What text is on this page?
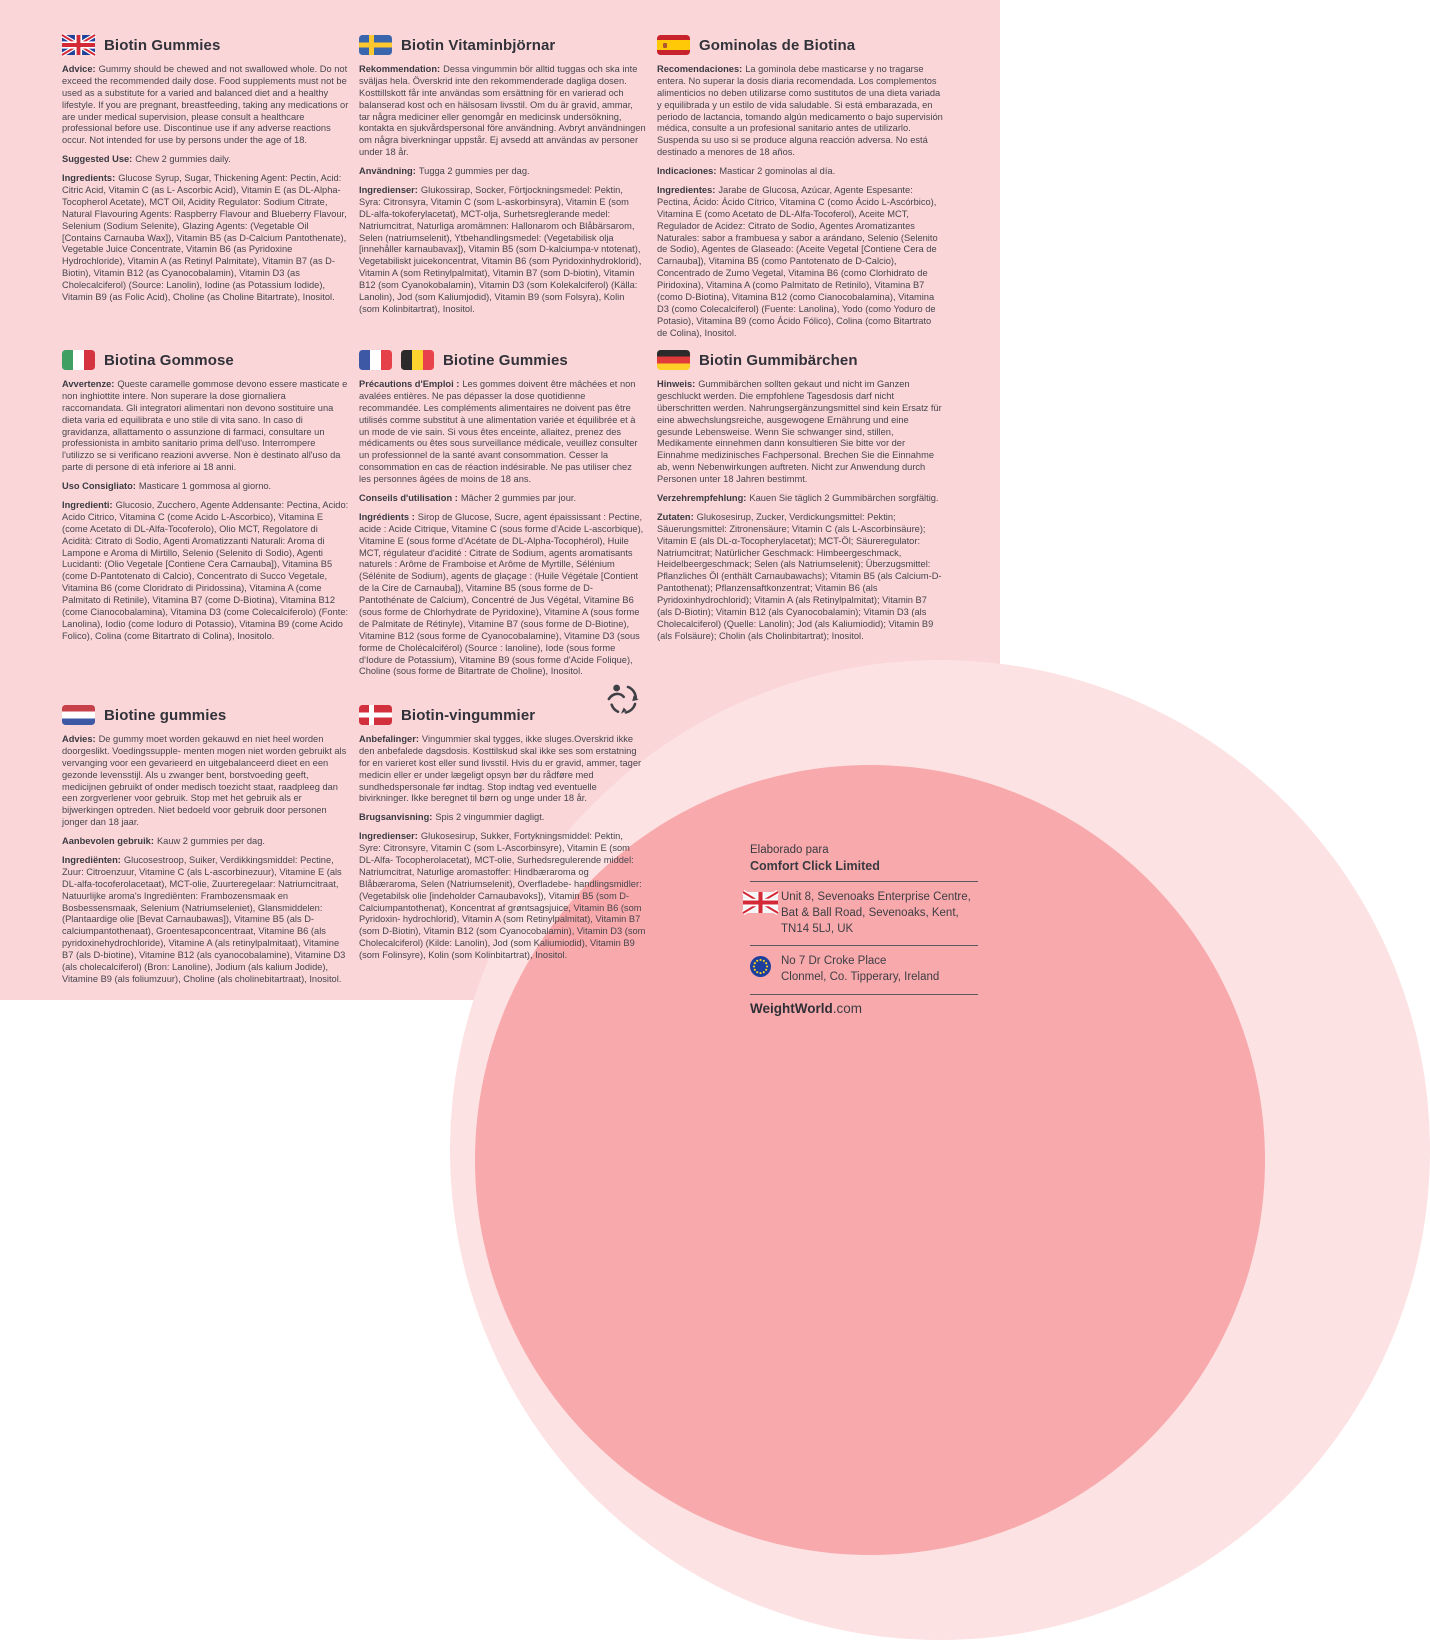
Biotin Gummies

Advice: Gummy should be chewed and not swallowed whole. Do not exceed the recommended daily dose. Food supplements must not be used as a substitute for a varied and balanced diet and a healthy lifestyle. If you are pregnant, breastfeeding, taking any medications or are under medical supervision, please consult a healthcare professional before use. Discontinue use if any adverse reactions occur. Not intended for use by persons under the age of 18.

Suggested Use: Chew 2 gummies daily.

Ingredients: Glucose Syrup, Sugar, Thickening Agent: Pectin, Acid: Citric Acid, Vitamin C (as L- Ascorbic Acid), Vitamin E (as DL-Alpha-Tocopherol Acetate), MCT Oil, Acidity Regulator: Sodium Citrate, Natural Flavouring Agents: Raspberry Flavour and Blueberry Flavour, Selenium (Sodium Selenite), Glazing Agents: (Vegetable Oil [Contains Carnauba Wax]), Vitamin B5 (as D-Calcium Pantothenate), Vegetable Juice Concentrate, Vitamin B6 (as Pyridoxine Hydrochloride), Vitamin A (as Retinyl Palmitate), Vitamin B7 (as D-Biotin), Vitamin B12 (as Cyanocobalamin), Vitamin D3 (as Cholecalciferol) (Source: Lanolin), Iodine (as Potassium Iodide), Vitamin B9 (as Folic Acid), Choline (as Choline Bitartrate), Inositol.

Biotin Vitaminbjörnar

Rekommendation: Dessa vingummin bör alltid tuggas och ska inte sväljas hela. Överskrid inte den rekommenderade dagliga dosen. Kosttillskott får inte användas som ersättning för en varierad och balanserad kost och en hälsosam livsstil. Om du är gravid, ammar, tar några mediciner eller genomgår en medicinsk undersökning, kontakta en sjukvårdspersonal före användning. Avbryt användningen om några biverkningar uppstår. Ej avsedd att användas av personer under 18 år.

Användning: Tugga 2 gummies per dag.

Ingredienser: Glukossirap, Socker, Förtjockningsmedel: Pektin, Syra: Citronsyra, Vitamin C (som L-askorbinsyra), Vitamin E (som DL-alfa-tokoferylacetat), MCT-olja, Surhetsreglerande medel: Natriumcitrat, Naturliga aromämnen: Hallonarom och Blåbärsarom, Selen (natriumselenit), Ytbehandlingsmedel: (Vegetabilisk olja [innehåller karnaubavax]), Vitamin B5 (som D-kalciumpa-v ntotenat), Vegetabiliskt juicekoncentrat, Vitamin B6 (som Pyridoxinhydroklorid), Vitamin A (som Retinylpalmitat), Vitamin B7 (som D-biotin), Vitamin B12 (som Cyanokobalamin), Vitamin D3 (som Kolekalciferol) (Källa: Lanolin), Jod (som Kaliumjodid), Vitamin B9 (som Folsyra), Kolin (som Kolinbitartrat), Inositol.

Gominolas de Biotina

Recomendaciones: La gominola debe masticarse y no tragarse entera. No superar la dosis diaria recomendada. Los complementos alimenticios no deben utilizarse como sustitutos de una dieta variada y equilibrada y un estilo de vida saludable. Si está embarazada, en periodo de lactancia, tomando algún medicamento o bajo supervisión médica, consulte a un profesional sanitario antes de utilizarlo. Suspenda su uso si se produce alguna reacción adversa. No está destinado a menores de 18 años.

Indicaciones: Masticar 2 gominolas al día.

Ingredientes: Jarabe de Glucosa, Azúcar, Agente Espesante: Pectina, Ácido: Ácido Cítrico, Vitamina C (como Ácido L-Ascórbico), Vitamina E (como Acetato de DL-Alfa-Tocoferol), Aceite MCT, Regulador de Acidez: Citrato de Sodio, Agentes Aromatizantes Naturales: sabor a frambuesa y sabor a arándano, Selenio (Selenito de Sodio), Agentes de Glaseado: (Aceite Vegetal [Contiene Cera de Carnauba]), Vitamina B5 (como Pantotenato de D-Calcio), Concentrado de Zumo Vegetal, Vitamina B6 (como Clorhidrato de Piridoxina), Vitamina A (como Palmitato de Retinilo), Vitamina B7 (como D-Biotina), Vitamina B12 (como Cianocobalamina), Vitamina D3 (como Colecalciferol) (Fuente: Lanolina), Yodo (como Yoduro de Potasio), Vitamina B9 (como Ácido Fólico), Colina (como Bitartrato de Colina), Inositol.

Biotina Gommose

Avvertenze: Queste caramelle gommose devono essere masticate e non inghiottite intere. Non superare la dose giornaliera raccomandata. Gli integratori alimentari non devono sostituire una dieta varia ed equilibrata e uno stile di vita sano. In caso di gravidanza, allattamento o assunzione di farmaci, consultare un professionista in ambito sanitario prima dell'uso. Interrompere l'utilizzo se si verificano reazioni avverse. Non è destinato all'uso da parte di persone di età inferiore ai 18 anni.

Uso Consigliato: Masticare 1 gommosa al giorno.

Ingredienti: Glucosio, Zucchero, Agente Addensante: Pectina, Acido: Acido Citrico, Vitamina C (come Acido L-Ascorbico), Vitamina E (come Acetato di DL-Alfa-Tocoferolo), Olio MCT, Regolatore di Acidità: Citrato di Sodio, Agenti Aromatizzanti Naturali: Aroma di Lampone e Aroma di Mirtillo, Selenio (Selenito di Sodio), Agenti Lucidanti: (Olio Vegetale [Contiene Cera Carnauba]), Vitamina B5 (come D-Pantotenato di Calcio), Concentrato di Succo Vegetale, Vitamina B6 (come Cloridrato di Piridossina), Vitamina A (come Palmitato di Retinile), Vitamina B7 (come D-Biotina), Vitamina B12 (come Cianocobalamina), Vitamina D3 (come Colecalciferolo) (Fonte: Lanolina), Iodio (come Ioduro di Potassio), Vitamina B9 (come Acido Folico), Colina (come Bitartrato di Colina), Inositolo.

Biotine Gummies

Précautions d'Emploi : Les gommes doivent être mâchées et non avalées entières. Ne pas dépasser la dose quotidienne recommandée. Les compléments alimentaires ne doivent pas être utilisés comme substitut à une alimentation variée et équilibrée et à un mode de vie sain. Si vous êtes enceinte, allaitez, prenez des médicaments ou êtes sous surveillance médicale, veuillez consulter un professionnel de la santé avant consommation. Cesser la consommation en cas de réaction indésirable. Ne pas utiliser chez les personnes âgées de moins de 18 ans.

Conseils d'utilisation : Mâcher 2 gummies par jour.

Ingrédients : Sirop de Glucose, Sucre, agent épaississant : Pectine, acide : Acide Citrique, Vitamine C (sous forme d'Acide L-ascorbique), Vitamine E (sous forme d'Acétate de DL-Alpha-Tocophérol), Huile MCT, régulateur d'acidité : Citrate de Sodium, agents aromatisants naturels : Arôme de Framboise et Arôme de Myrtille, Sélénium (Sélénite de Sodium), agents de glaçage : (Huile Végétale [Contient de la Cire de Carnauba]), Vitamine B5 (sous forme de D-Pantothénate de Calcium), Concentré de Jus Végétal, Vitamine B6 (sous forme de Chlorhydrate de Pyridoxine), Vitamine A (sous forme de Palmitate de Rétinyle), Vitamine B7 (sous forme de D-Biotine), Vitamine B12 (sous forme de Cyanocobalamine), Vitamine D3 (sous forme de Cholécalciférol) (Source : lanoline), Iode (sous forme d'Iodure de Potassium), Vitamine B9 (sous forme d'Acide Folique), Choline (sous forme de Bitartrate de Choline), Inositol.

Biotin Gummibärchen

Hinweis: Gummibärchen sollten gekaut und nicht im Ganzen geschluckt werden. Die empfohlene Tagesdosis darf nicht überschritten werden. Nahrungsergänzungsmittel sind kein Ersatz für eine abwechslungsreiche, ausgewogene Ernährung und eine gesunde Lebensweise. Wenn Sie schwanger sind, stillen, Medikamente einnehmen dann konsultieren Sie bitte vor der Einnahme medizinisches Fachpersonal. Brechen Sie die Einnahme ab, wenn Nebenwirkungen auftreten. Nicht zur Anwendung durch Personen unter 18 Jahren bestimmt.

Verzehrempfehlung: Kauen Sie täglich 2 Gummibärchen sorgfältig.

Zutaten: Glukosesirup, Zucker, Verdickungsmittel: Pektin; Säuerungsmittel: Zitronensäure; Vitamin C (als L-Ascorbinsäure); Vitamin E (als DL-α-Tocopherylacetat); MCT-Öl; Säureregulator: Natriumcitrat; Natürlicher Geschmack: Himbeergeschmack, Heidelbeergeschmack; Selen (als Natriumselenit); Überzugsmittel: Pflanzliches Öl (enthält Carnaubawachs); Vitamin B5 (als Calcium-D-Pantothenat); Pflanzensaftkonzentrat; Vitamin B6 (als Pyridoxinhydrochlorid); Vitamin A (als Retinylpalmitat); Vitamin B7 (als D-Biotin); Vitamin B12 (als Cyanocobalamin); Vitamin D3 (als Cholecalciferol) (Quelle: Lanolin); Jod (als Kaliumiodid); Vitamin B9 (als Folsäure); Cholin (als Cholinbitartrat); Inositol.

Biotine gummies

Advies: De gummy moet worden gekauwd en niet heel worden doorgeslikt. Voedingssupple- menten mogen niet worden gebruikt als vervanging voor een gevarieerd en uitgebalanceerd dieet en een gezonde levensstijl. Als u zwanger bent, borstvoeding geeft, medicijnen gebruikt of onder medisch toezicht staat, raadpleeg dan een zorgverlener voor gebruik. Stop met het gebruik als er bijwerkingen optreden. Niet bedoeld voor gebruik door personen jonger dan 18 jaar.

Aanbevolen gebruik: Kauw 2 gummies per dag.

Ingrediënten: Glucosestroop, Suiker, Verdikkingsmiddel: Pectine, Zuur: Citroenzuur, Vitamine C (als L-ascorbinezuur), Vitamine E (als DL-alfa-tocoferolacetaat), MCT-olie, Zuurteregelaar: Natriumcitraat, Natuurlijke aroma's Ingrediënten: Frambozensmaak en Bosbessensmaak, Selenium (Natriumseleniet), Glansmiddelen: (Plantaardige olie [Bevat Carnaubawas]), Vitamine B5 (als D-calciumpantothenaat), Groentesapconcentraat, Vitamine B6 (als pyridoxinehydrochloride), Vitamine A (als retinylpalmitaat), Vitamine B7 (als D-biotine), Vitamine B12 (als cyanocobalamine), Vitamine D3 (als cholecalciferol) (Bron: Lanoline), Jodium (als kalium Jodide), Vitamine B9 (als foliumzuur), Choline (als cholinebitartraat), Inositol.

Biotin-vingummier

Anbefalinger: Vingummier skal tygges, ikke sluges.Overskrid ikke den anbefalede dagsdosis. Kosttilskud skal ikke ses som erstatning for en varieret kost eller sund livsstil. Hvis du er gravid, ammer, tager medicin eller er under lægeligt opsyn bør du rådføre med sundhedspersonale før indtag. Stop indtag ved eventuelle bivirkninger. Ikke beregnet til børn og unge under 18 år.

Brugsanvisning: Spis 2 vingummier dagligt.

Ingredienser: Glukosesirup, Sukker, Fortykningsmiddel: Pektin, Syre: Citronsyre, Vitamin C (som L-Ascorbinsyre), Vitamin E (som DL-Alfa- Tocopherolacetat), MCT-olie, Surhedsregulerende middel: Natriumcitrat, Naturlige aromastoffer: Hindbæraroma og Blåbæraroma, Selen (Natriumselenit), Overfladebe- handlingsmidler: (Vegetabilsk olie [indeholder Carnaubavoks]), Vitamin B5 (som D-Calciumpantothenat), Koncentrat af grøntsagsjuice, Vitamin B6 (som Pyridoxin- hydrochlorid), Vitamin A (som Retinylpalmitat), Vitamin B7 (som D-Biotin), Vitamin B12 (som Cyanocobalamin), Vitamin D3 (som Cholecalciferol) (Kilde: Lanolin), Jod (som Kaliumiodid), Vitamin B9 (som Folinsyre), Kolin (som Kolinbitartrat), Inositol.

Elaborado para
Comfort Click Limited
Unit 8, Sevenoaks Enterprise Centre, Bat & Ball Road, Sevenoaks, Kent, TN14 5LJ, UK
No 7 Dr Croke Place
Clonmel, Co. Tipperary, Ireland
WeightWorld.com
